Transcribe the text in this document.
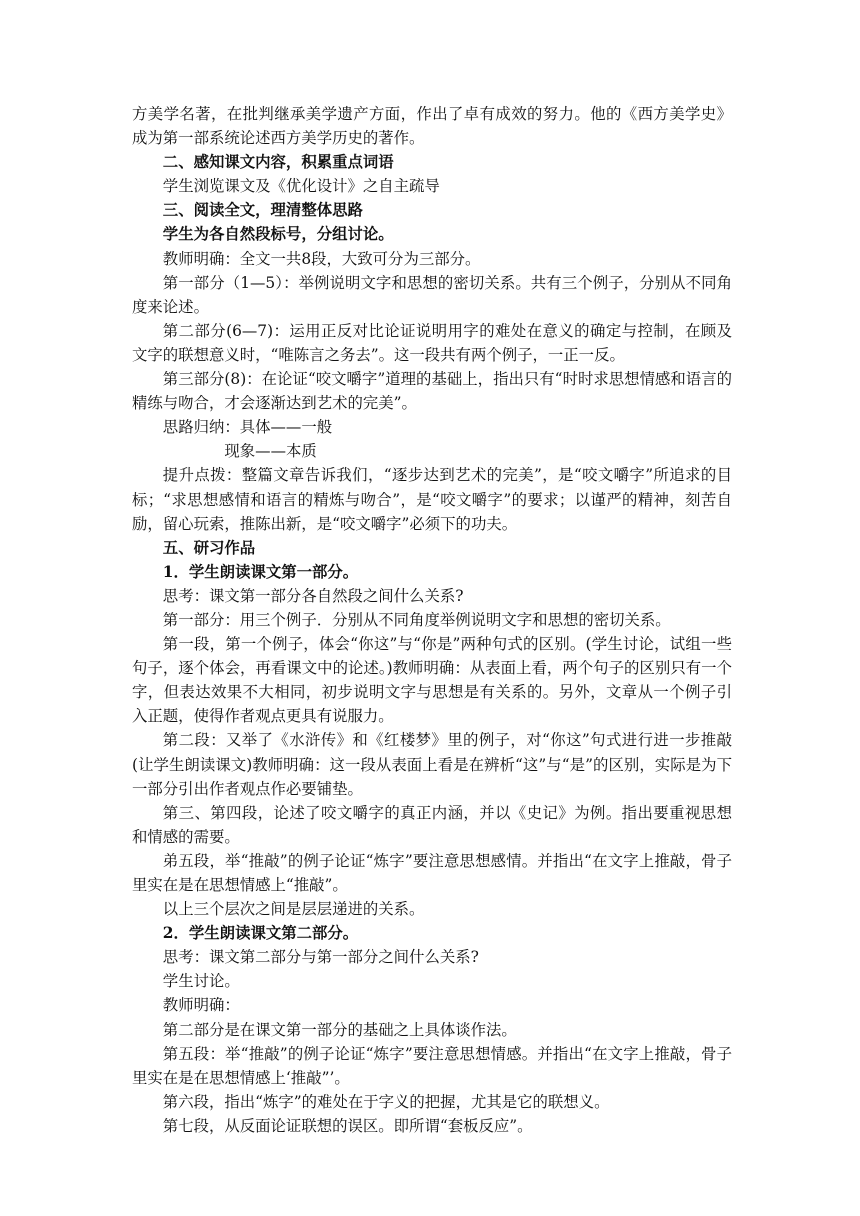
方美学名著，在批判继承美学遗产方面，作出了卓有成效的努力。他的《西方美学史》成为第一部系统论述西方美学历史的著作。

二、感知课文内容，积累重点词语

学生浏览课文及《优化设计》之自主疏导

三、阅读全文，理清整体思路

学生为各自然段标号，分组讨论。

教师明确：全文一共8段，大致可分为三部分。

第一部分（1—5）：举例说明文字和思想的密切关系。共有三个例子，分别从不同角度来论述。

第二部分(6—7)：运用正反对比论证说明用字的难处在意义的确定与控制，在顾及文字的联想意义时，“唯陈言之务去”。这一段共有两个例子，一正一反。

第三部分(8)：在论证“咬文嚼字”道理的基础上，指出只有“时时求思想情感和语言的精练与吻合，才会逐渐达到艺术的完美”。

思路归纳：具体——一般

现象——本质

提升点拨：整篇文章告诉我们，“逐步达到艺术的完美”，是“咬文嚼字”所追求的目标；“求思想感情和语言的精炼与吻合”，是“咬文嚼字”的要求；以谨严的精神，刻苦自励，留心玩索，推陈出新，是“咬文嚼字”必须下的功夫。

五、研习作品

1．学生朗读课文第一部分。

思考：课文第一部分各自然段之间什么关系?

第一部分：用三个例子．分别从不同角度举例说明文字和思想的密切关系。

第一段，第一个例子，体会“你这”与“你是”两种句式的区别。(学生讨论，试组一些句子，逐个体会，再看课文中的论述。)教师明确：从表面上看，两个句子的区别只有一个字，但表达效果不大相同，初步说明文字与思想是有关系的。另外，文章从一个例子引入正题，使得作者观点更具有说服力。

第二段：又举了《水浒传》和《红楼梦》里的例子，对“你这”句式进行进一步推敲(让学生朗读课文)教师明确：这一段从表面上看是在辨析“这”与“是”的区别，实际是为下一部分引出作者观点作必要铺垫。

第三、第四段，论述了咬文嚼字的真正内涵，并以《史记》为例。指出要重视思想和情感的需要。

弟五段，举“推敲”的例子论证“炼字”要注意思想感情。并指出“在文字上推敲，骨子里实在是在思想情感上“推敲”。

以上三个层次之间是层层递进的关系。

2．学生朗读课文第二部分。

思考：课文第二部分与第一部分之间什么关系?

学生讨论。

教师明确：

第二部分是在课文第一部分的基础之上具体谈作法。

第五段：举“推敲”的例子论证“炼字”要注意思想情感。并指出“在文字上推敲，骨子里实在是在思想情感上‘推敲”’。

第六段，指出“炼字”的难处在于字义的把握，尤其是它的联想义。

第七段，从反面论证联想的误区。即所谓“套板反应”。
